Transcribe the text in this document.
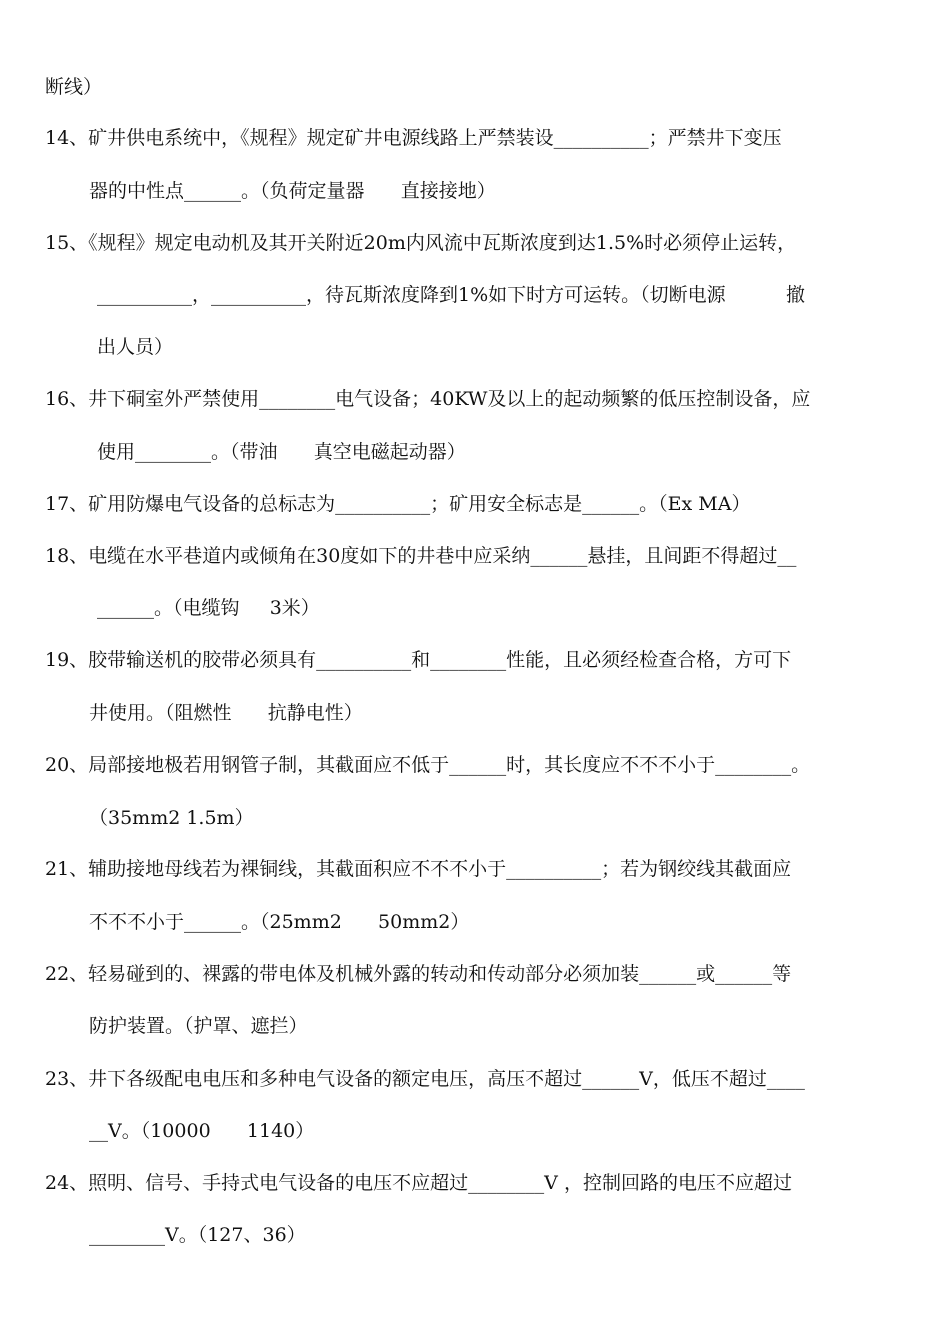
断线）
14、矿井供电系统中，《规程》规定矿井电源线路上严禁装设__________；严禁井下变压
器的中性点______。（负荷定量器      直接接地）
15、《规程》规定电动机及其开关附近20m内风流中瓦斯浓度到达1.5%时必须停止运转，
__________，__________，待瓦斯浓度降到1%如下时方可运转。（切断电源          撤
出人员）
16、井下硐室外严禁使用________电气设备；40KW及以上的起动频繁的低压控制设备，应
使用________。（带油      真空电磁起动器）
17、矿用防爆电气设备的总标志为__________；矿用安全标志是______。（Ex MA）
18、电缆在水平巷道内或倾角在30度如下的井巷中应采纳______悬挂，且间距不得超过__
______。（电缆钩     3米）
19、胶带输送机的胶带必须具有__________和________性能，且必须经检查合格，方可下
井使用。（阻燃性      抗静电性）
20、局部接地极若用钢管子制，其截面应不低于______时，其长度应不不不小于________。
（35mm2 1.5m）
21、辅助接地母线若为裸铜线，其截面积应不不不小于__________；若为钢绞线其截面应
不不不小于______。（25mm2      50mm2）
22、轻易碰到的、裸露的带电体及机械外露的转动和传动部分必须加装______或______等
防护装置。（护罩、遮拦）
23、井下各级配电电压和多种电气设备的额定电压，高压不超过______V，低压不超过____
__V。（10000      1140）
24、照明、信号、手持式电气设备的电压不应超过________V ，控制回路的电压不应超过
________V。（127、36）
